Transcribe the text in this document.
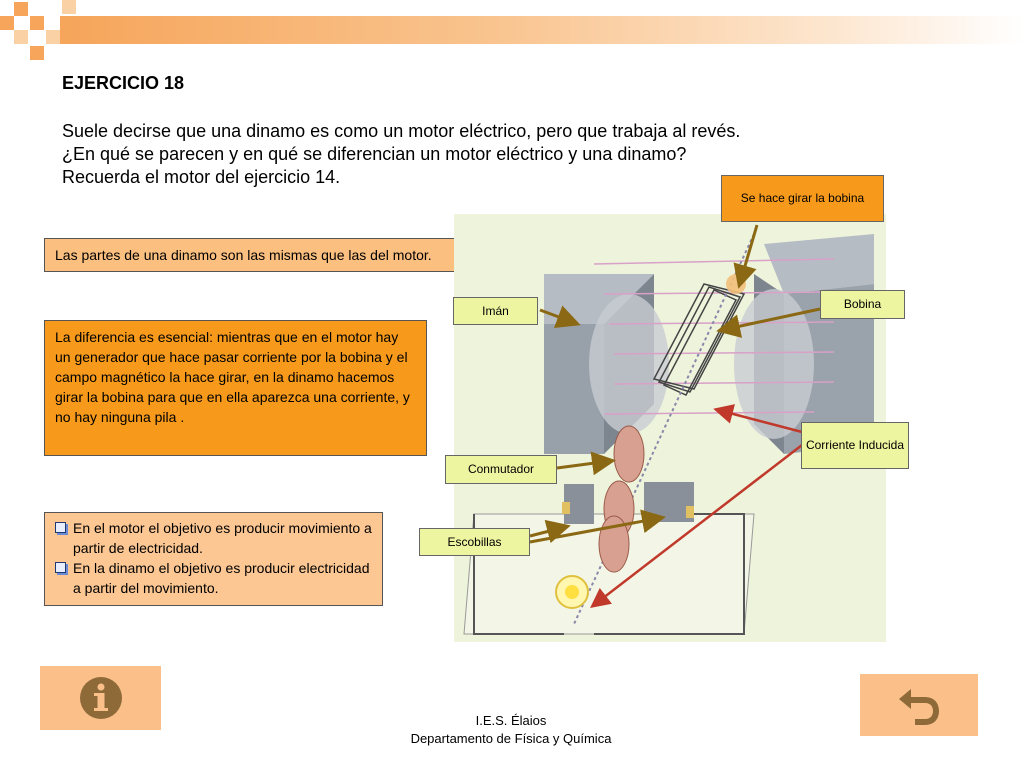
EJERCICIO 18
Suele decirse que una dinamo es como un motor eléctrico, pero que trabaja al revés.
¿En qué se parecen y en qué se diferencian un motor eléctrico y una dinamo?
Recuerda el motor del ejercicio 14.
Las partes de una dinamo son las mismas que las del motor.
La diferencia es esencial: mientras que en el motor hay un generador que hace pasar corriente por la bobina y el campo magnético la hace girar, en la dinamo hacemos girar la bobina para que en ella aparezca una corriente, y no hay ninguna pila .
En el motor el objetivo es producir movimiento a partir de electricidad.
En la dinamo el objetivo es producir electricidad a partir del movimiento.
Se hace girar la bobina
Imán	Bobina
Corriente Inducida
Conmutador
Escobillas
I.E.S. Élaios
Departamento de Física y Química
